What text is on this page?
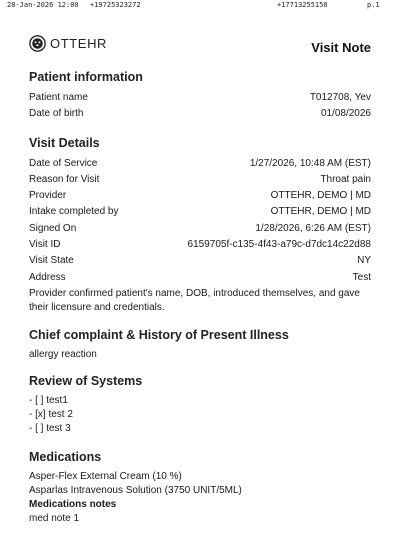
28-Jan-2026 12:00 +19725323272	+17713255150	p.1
OTTEHR	Visit Note
Patient information
Patient name	T012708, Yev
Date of birth	01/08/2026
Visit Details
Date of Service	1/27/2026, 10:48 AM (EST)
Reason for Visit	Throat pain
Provider	OTTEHR, DEMO | MD
Intake completed by	OTTEHR, DEMO | MD
Signed On	1/28/2026, 6:26 AM (EST)
Visit ID	6159705f-c135-4f43-a79c-d7dc14c22d88
Visit State	NY
Address	Test

Provider confirmed patient's name, DOB, introduced themselves, and gave their licensure and credentials.

Chief complaint & History of Present Illness
allergy reaction
Review of Systems
- [ ] test1
- [x] test 2
- [ ] test 3
Medications
Asper-Flex External Cream (10 %)
Asparlas Intravenous Solution (3750 UNIT/5ML)
Medications notes
med note 1
